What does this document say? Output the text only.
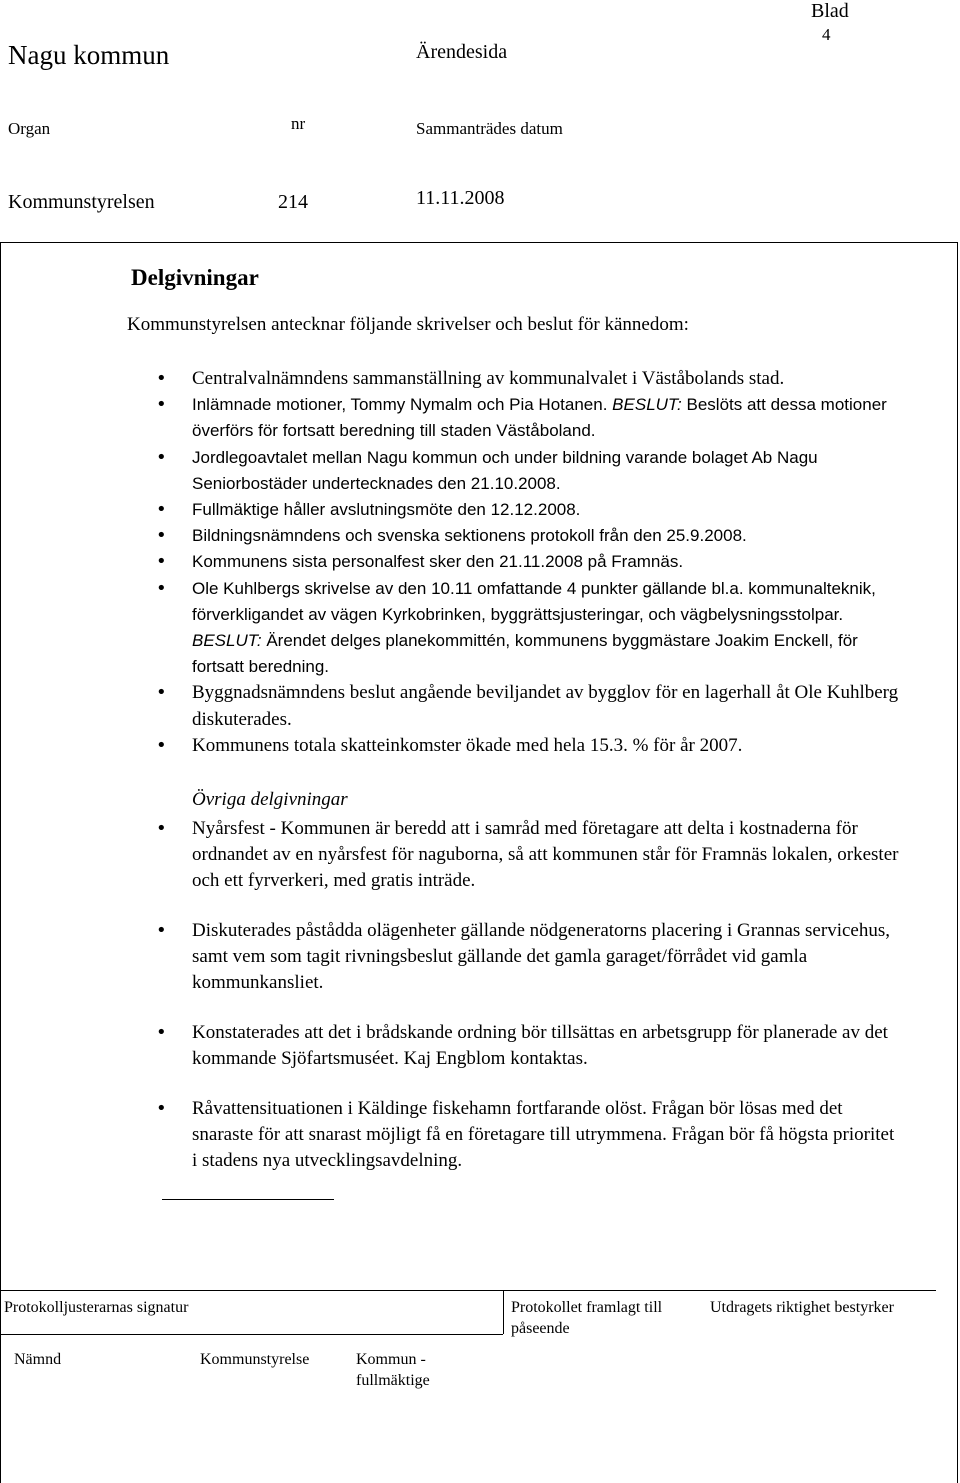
Blad
4
Nagu kommun	Ärendesida
Organ	nr	Sammanträdes datum
Kommunstyrelsen	214	11.11.2008
Delgivningar
Kommunstyrelsen antecknar följande skrivelser och beslut för kännedom:
• Centralvalnämndens sammanställning av kommunalvalet i Väståbolands stad.
• Inlämnade motioner, Tommy Nymalm och Pia Hotanen. BESLUT: Beslöts att dessa motioner överförs för fortsatt beredning till staden Väståboland.
• Jordlegoavtalet mellan Nagu kommun och under bildning varande bolaget Ab Nagu Seniorbostäder undertecknades den 21.10.2008.
• Fullmäktige håller avslutningsmöte den 12.12.2008.
• Bildningsnämndens och svenska sektionens protokoll från den 25.9.2008.
• Kommunens sista personalfest sker den 21.11.2008 på Framnäs.
• Ole Kuhlbergs skrivelse av den 10.11 omfattande 4 punkter gällande bl.a. kommunalteknik, förverkligandet av vägen Kyrkobrinken, byggrättsjusteringar, och vägbelysningsstolpar. BESLUT: Ärendet delges planekommittén, kommunens byggmästare Joakim Enckell, för fortsatt beredning.
• Byggnadsnämndens beslut angående beviljandet av bygglov för en lagerhall åt Ole Kuhlberg diskuterades.
• Kommunens totala skatteinkomster ökade med hela 15.3. % för år 2007.
Övriga delgivningar
• Nyårsfest - Kommunen är beredd att i samråd med företagare att delta i kostnaderna för ordnandet av en nyårsfest för naguborna, så att kommunen står för Framnäs lokalen, orkester och ett fyrverkeri, med gratis inträde.
• Diskuterades påstådda olägenheter gällande nödgeneratorns placering i Grannas servicehus, samt vem som tagit rivningsbeslut gällande det gamla garaget/förrådet vid gamla kommunkansliet.
• Konstaterades att det i brådskande ordning bör tillsättas en arbetsgrupp för planerade av det kommande Sjöfartsmuséet. Kaj Engblom kontaktas.
• Råvattensituationen i Käldinge fiskehamn fortfarande olöst. Frågan bör lösas med det snaraste för att snarast möjligt få en företagare till utrymmena. Frågan bör få högsta prioritet i stadens nya utvecklingsavdelning.
Protokolljusterarnas signatur	Protokollet framlagt till påseende
Utdragets riktighet bestyrker
Nämnd	Kommunstyrelse	Kommun - fullmäktige
